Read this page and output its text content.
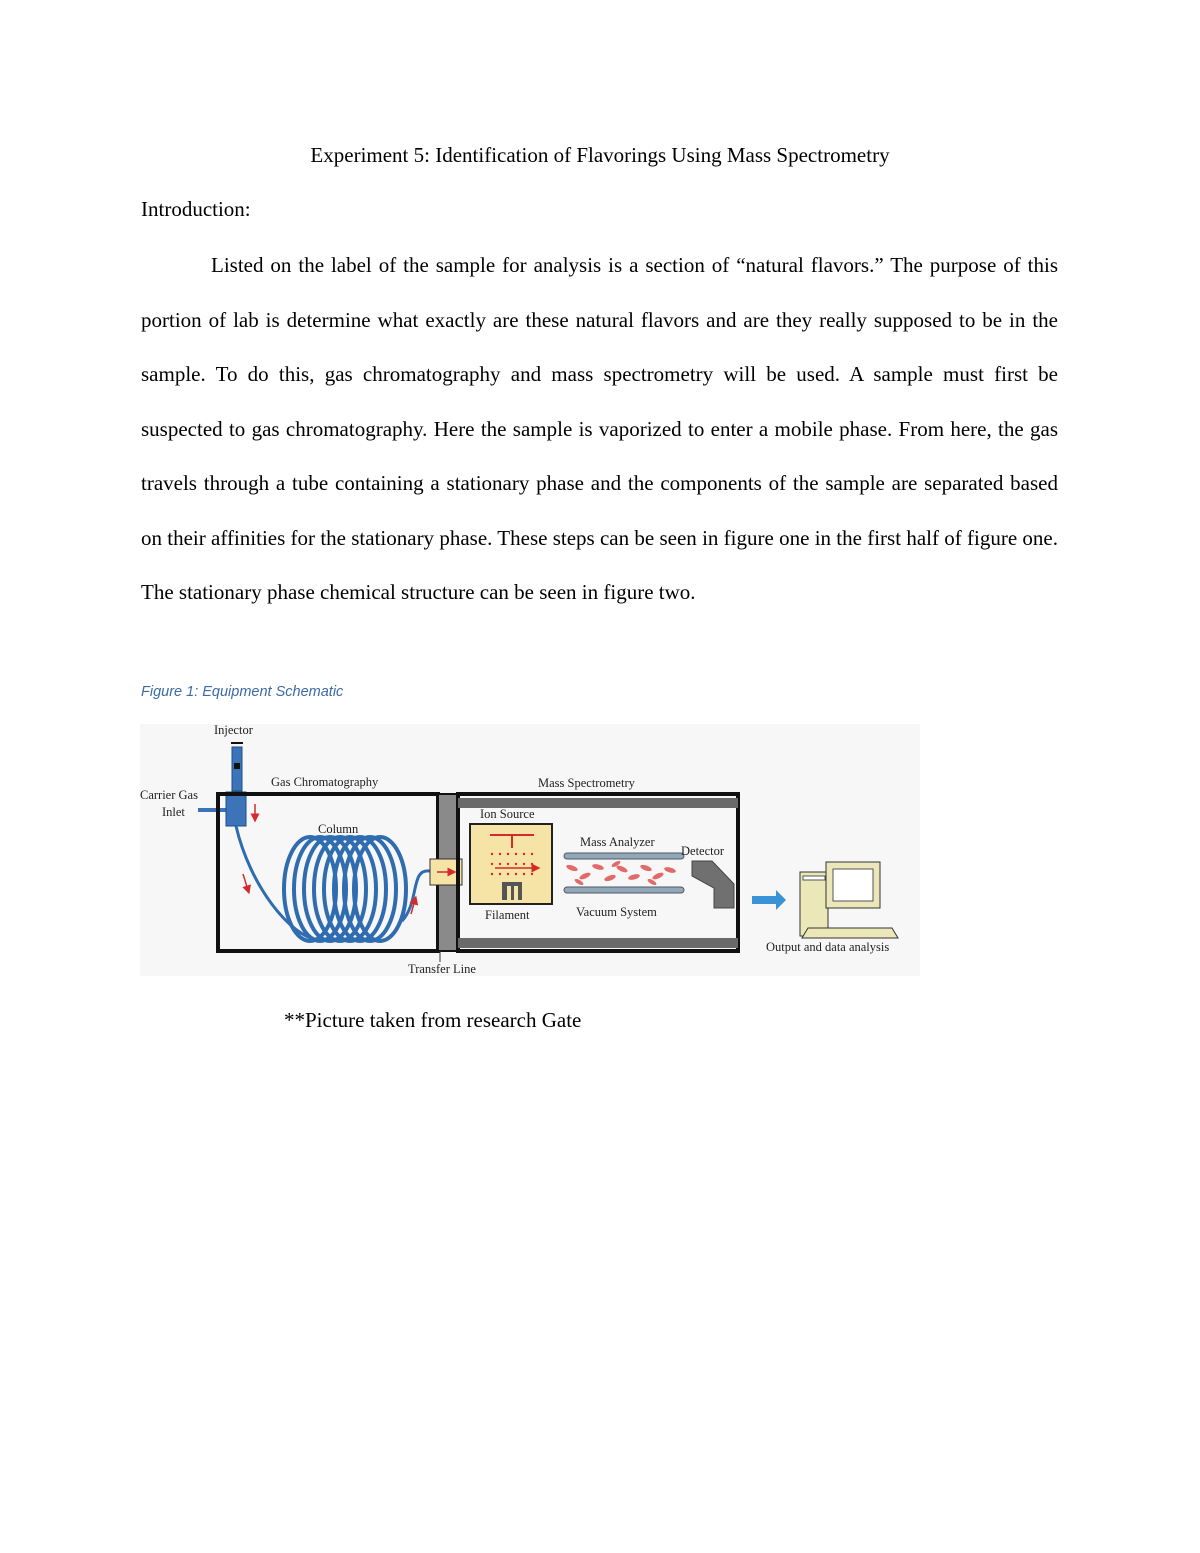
Experiment 5: Identification of Flavorings Using Mass Spectrometry
Introduction:
Listed on the label of the sample for analysis is a section of “natural flavors.” The purpose of this portion of lab is determine what exactly are these natural flavors and are they really supposed to be in the sample. To do this, gas chromatography and mass spectrometry will be used. A sample must first be suspected to gas chromatography. Here the sample is vaporized to enter a mobile phase. From here, the gas travels through a tube containing a stationary phase and the components of the sample are separated based on their affinities for the stationary phase. These steps can be seen in figure one in the first half of figure one. The stationary phase chemical structure can be seen in figure two.
Figure 1: Equipment Schematic
Injector
Carrier Gas
Inlet
Gas Chromatography
Column
Transfer Line
Mass Spectrometry
Ion Source
Filament
Mass Analyzer
Vacuum System
Detector
Output and data analysis
**Picture taken from research Gate
